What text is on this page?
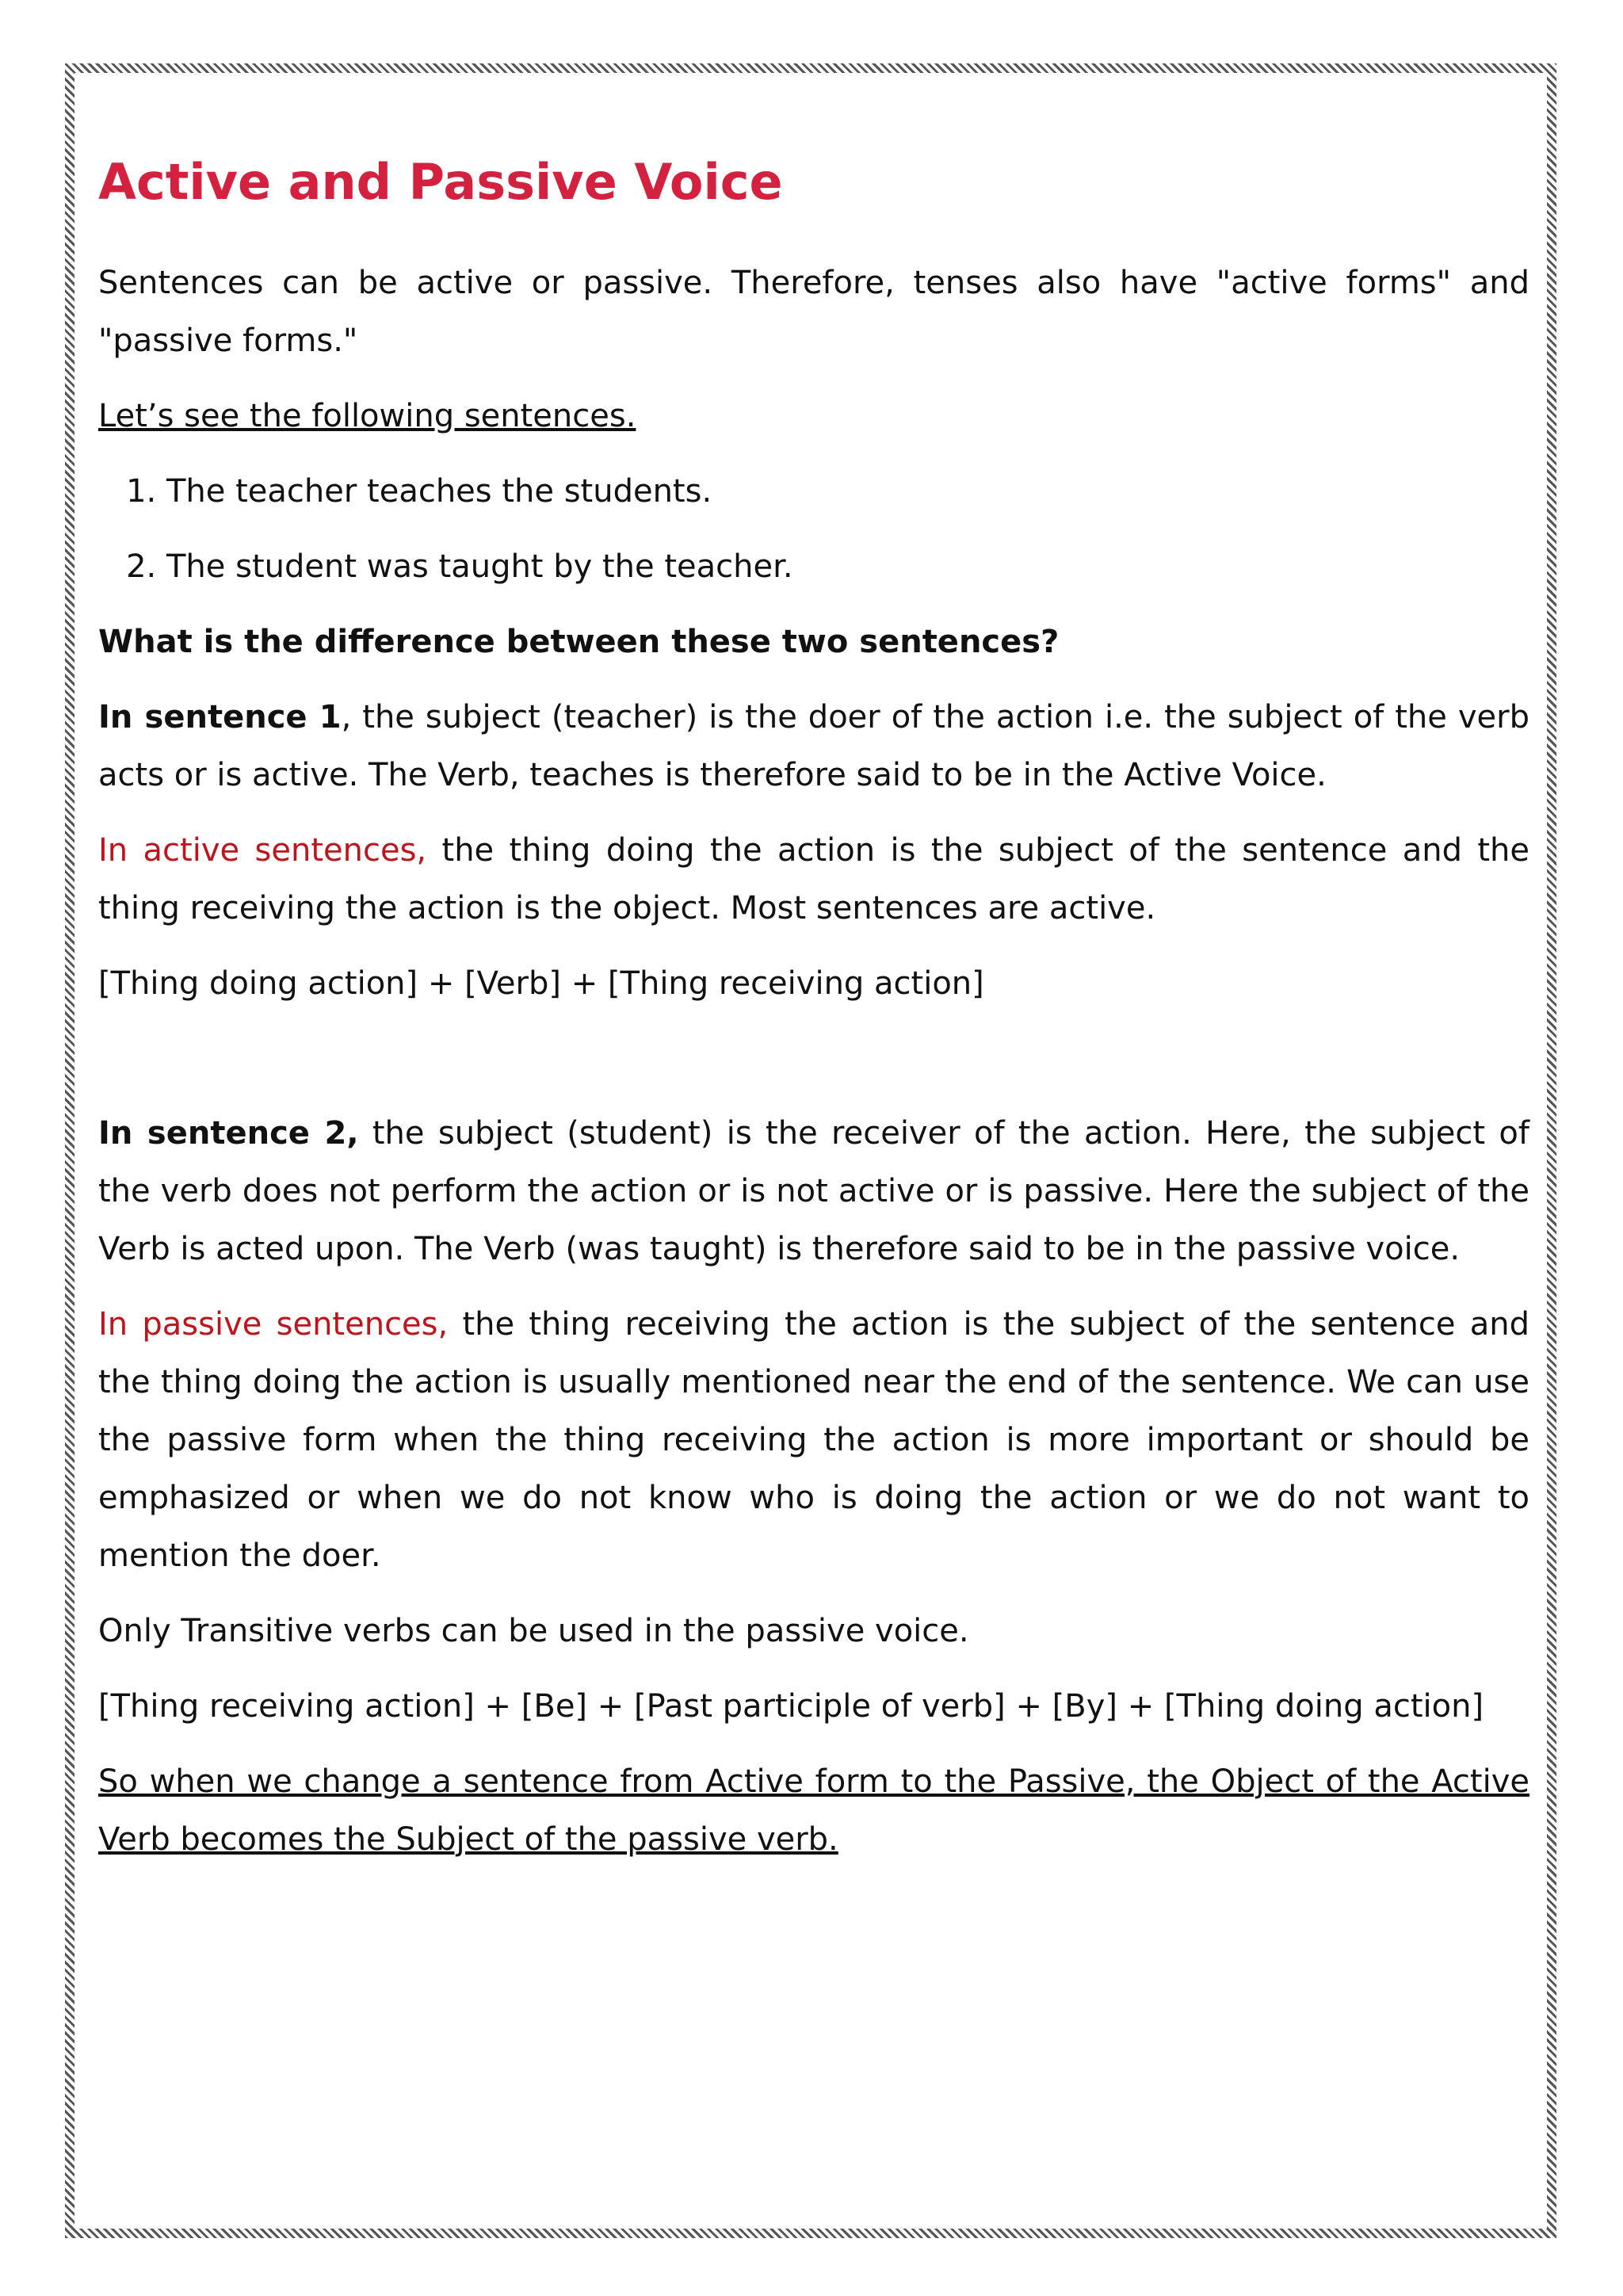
Active and Passive Voice

Sentences can be active or passive. Therefore, tenses also have "active forms" and "passive forms."

Let’s see the following sentences.

1. The teacher teaches the students.
2. The student was taught by the teacher.

What is the difference between these two sentences?

In sentence 1, the subject (teacher) is the doer of the action i.e. the subject of the verb acts or is active. The Verb, teaches is therefore said to be in the Active Voice.

In active sentences, the thing doing the action is the subject of the sentence and the thing receiving the action is the object. Most sentences are active.

[Thing doing action] + [Verb] + [Thing receiving action]

In sentence 2, the subject (student) is the receiver of the action. Here, the subject of the verb does not perform the action or is not active or is passive. Here the subject of the Verb is acted upon. The Verb (was taught) is therefore said to be in the passive voice.

In passive sentences, the thing receiving the action is the subject of the sentence and the thing doing the action is usually mentioned near the end of the sentence. We can use the passive form when the thing receiving the action is more important or should be emphasized or when we do not know who is doing the action or we do not want to mention the doer.

Only Transitive verbs can be used in the passive voice.

[Thing receiving action] + [Be] + [Past participle of verb] + [By] + [Thing doing action]

So when we change a sentence from Active form to the Passive, the Object of the Active Verb becomes the Subject of the passive verb.
